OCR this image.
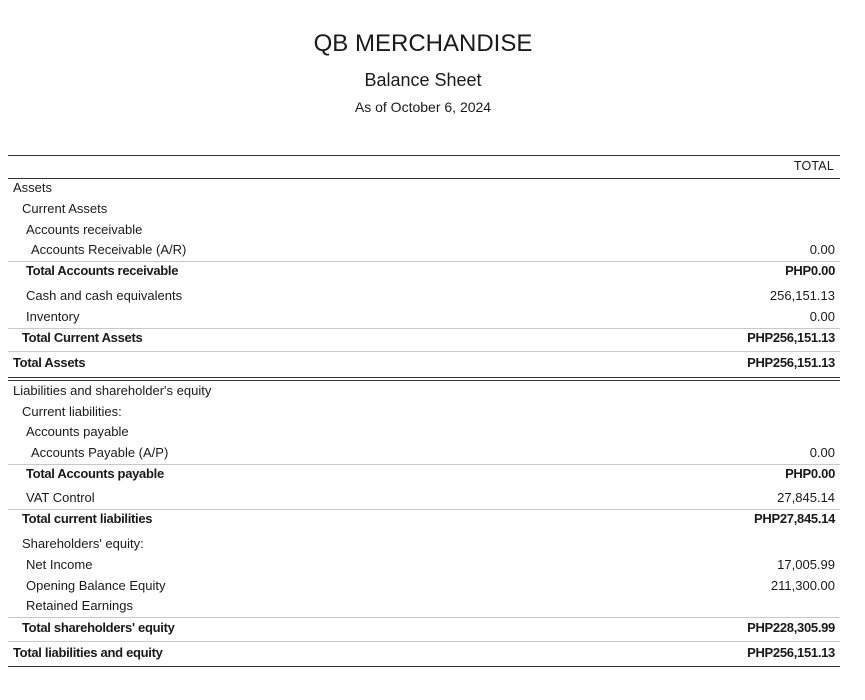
QB MERCHANDISE
Balance Sheet
As of October 6, 2024
TOTAL
Assets
Current Assets
Accounts receivable
Accounts Receivable (A/R)	0.00
Total Accounts receivable	PHP0.00
Cash and cash equivalents	256,151.13
Inventory	0.00
Total Current Assets	PHP256,151.13
Total Assets	PHP256,151.13
Liabilities and shareholder's equity
Current liabilities:
Accounts payable
Accounts Payable (A/P)	0.00
Total Accounts payable	PHP0.00
VAT Control	27,845.14
Total current liabilities	PHP27,845.14
Shareholders' equity:
Net Income	17,005.99
Opening Balance Equity	211,300.00
Retained Earnings
Total shareholders' equity	PHP228,305.99
Total liabilities and equity	PHP256,151.13
